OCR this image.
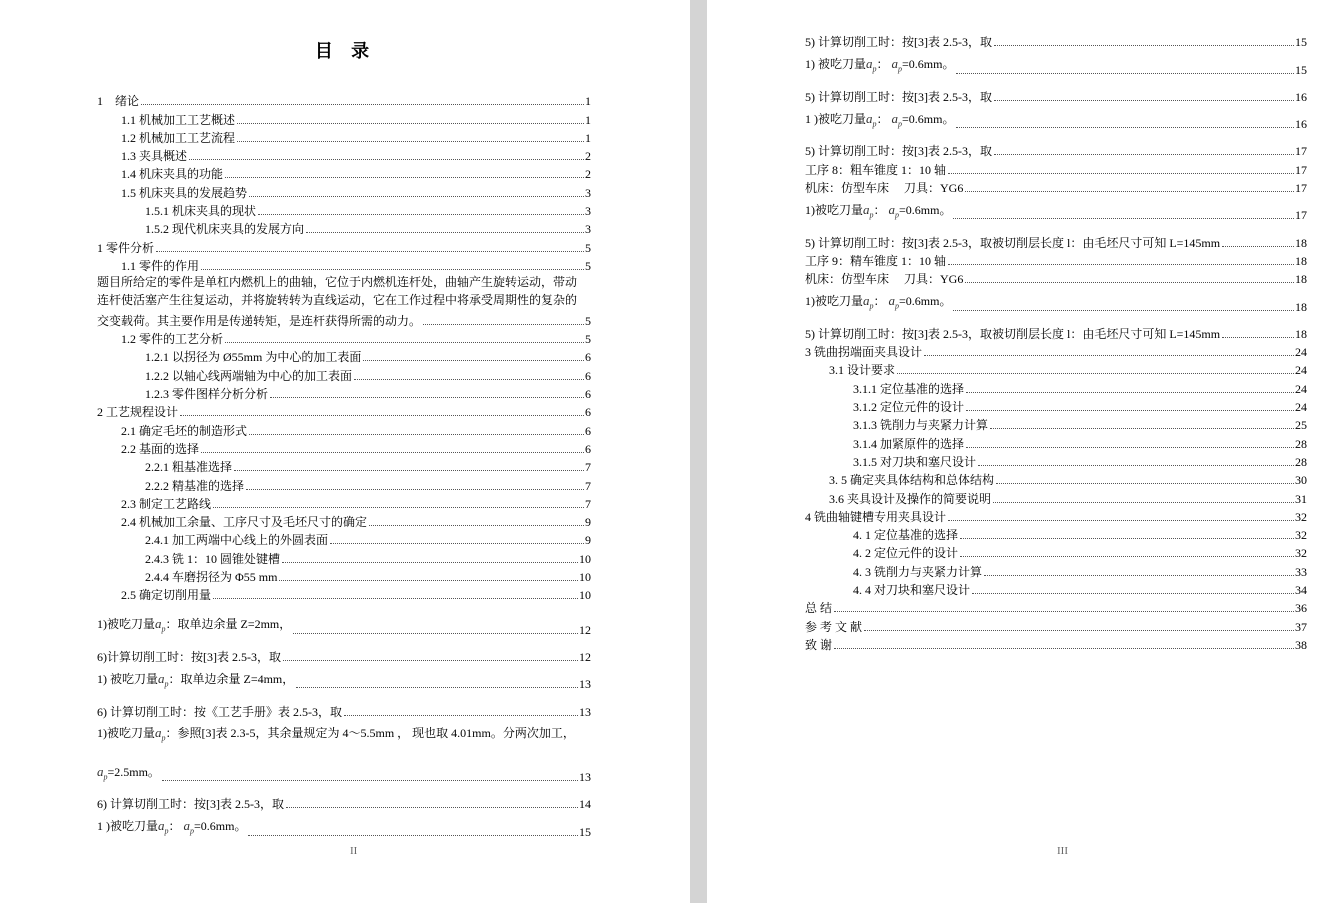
目 录
1　绪论	1
1.1 机械加工工艺概述	1
1.2 机械加工工艺流程	1
1.3 夹具概述	2
1.4 机床夹具的功能	2
1.5 机床夹具的发展趋势	3
1.5.1 机床夹具的现状	3
1.5.2 现代机床夹具的发展方向	3
1 零件分析	5
1.1 零件的作用	5
题目所给定的零件是单杠内燃机上的曲轴，它位于内燃机连杆处，曲轴产生旋转运动，带动
连杆使活塞产生往复运动，并将旋转转为直线运动，它在工作过程中将承受周期性的复杂的
交变载荷。其主要作用是传递转矩，是连杆获得所需的动力。	5
1.2 零件的工艺分析	5
1.2.1 以拐径为 Ø55mm 为中心的加工表面	6
1.2.2 以轴心线两端轴为中心的加工表面	6
1.2.3 零件图样分析分析	6
2 工艺规程设计	6
2.1 确定毛坯的制造形式	6
2.2 基面的选择	6
2.2.1 粗基准选择	7
2.2.2 精基准的选择	7
2.3 制定工艺路线	7
2.4 机械加工余量、工序尺寸及毛坯尺寸的确定	9
2.4.1 加工两端中心线上的外圆表面	9
2.4.3 铣 1：10 圆锥处键槽	10
2.4.4 车磨拐径为 Φ55 mm	10
2.5 确定切削用量	10
1)被吃刀量$a_p$：取单边余量 Z=2mm，	12
6)计算切削工时：按[3]表 2.5-3，取	12
1) 被吃刀量$a_p$：取单边余量 Z=4mm，	13
6) 计算切削工时：按《工艺手册》表 2.5-3，取	13
1)被吃刀量$a_p$：参照[3]表 2.3-5，其余量规定为 4～5.5mm ， 现也取 4.01mm。分两次加工，
$a_p=2.5mm$。	13
6) 计算切削工时：按[3]表 2.5-3，取	14
1 )被吃刀量$a_p$： $a_p=0.6mm$。	15
II
5) 计算切削工时：按[3]表 2.5-3，取	15
1) 被吃刀量$a_p$： $a_p=0.6mm$。	15
5) 计算切削工时：按[3]表 2.5-3，取	16
1 )被吃刀量$a_p$： $a_p=0.6mm$。	16
5) 计算切削工时：按[3]表 2.5-3，取	17
工序 8：粗车锥度 1：10 轴	17
机床：仿型车床　 刀具：YG6	17
1)被吃刀量$a_p$： $a_p=0.6mm$。	17
5) 计算切削工时：按[3]表 2.5-3，取被切削层长度 l：由毛坯尺寸可知 L=145mm	18
工序 9：精车锥度 1：10 轴	18
机床：仿型车床　 刀具：YG6	18
1)被吃刀量$a_p$： $a_p=0.6mm$。	18
5) 计算切削工时：按[3]表 2.5-3，取被切削层长度 l：由毛坯尺寸可知 L=145mm	18
3 铣曲拐端面夹具设计	24
3.1 设计要求	24
3.1.1 定位基准的选择	24
3.1.2 定位元件的设计	24
3.1.3 铣削力与夹紧力计算	25
3.1.4 加紧原件的选择	28
3.1.5 对刀块和塞尺设计	28
3. 5 确定夹具体结构和总体结构	30
3.6 夹具设计及操作的简要说明	31
4 铣曲轴键槽专用夹具设计	32
4. 1 定位基准的选择	32
4. 2 定位元件的设计	32
4. 3 铣削力与夹紧力计算	33
4. 4 对刀块和塞尺设计	34
总 结	36
参 考 文 献	37
致 谢	38
III
